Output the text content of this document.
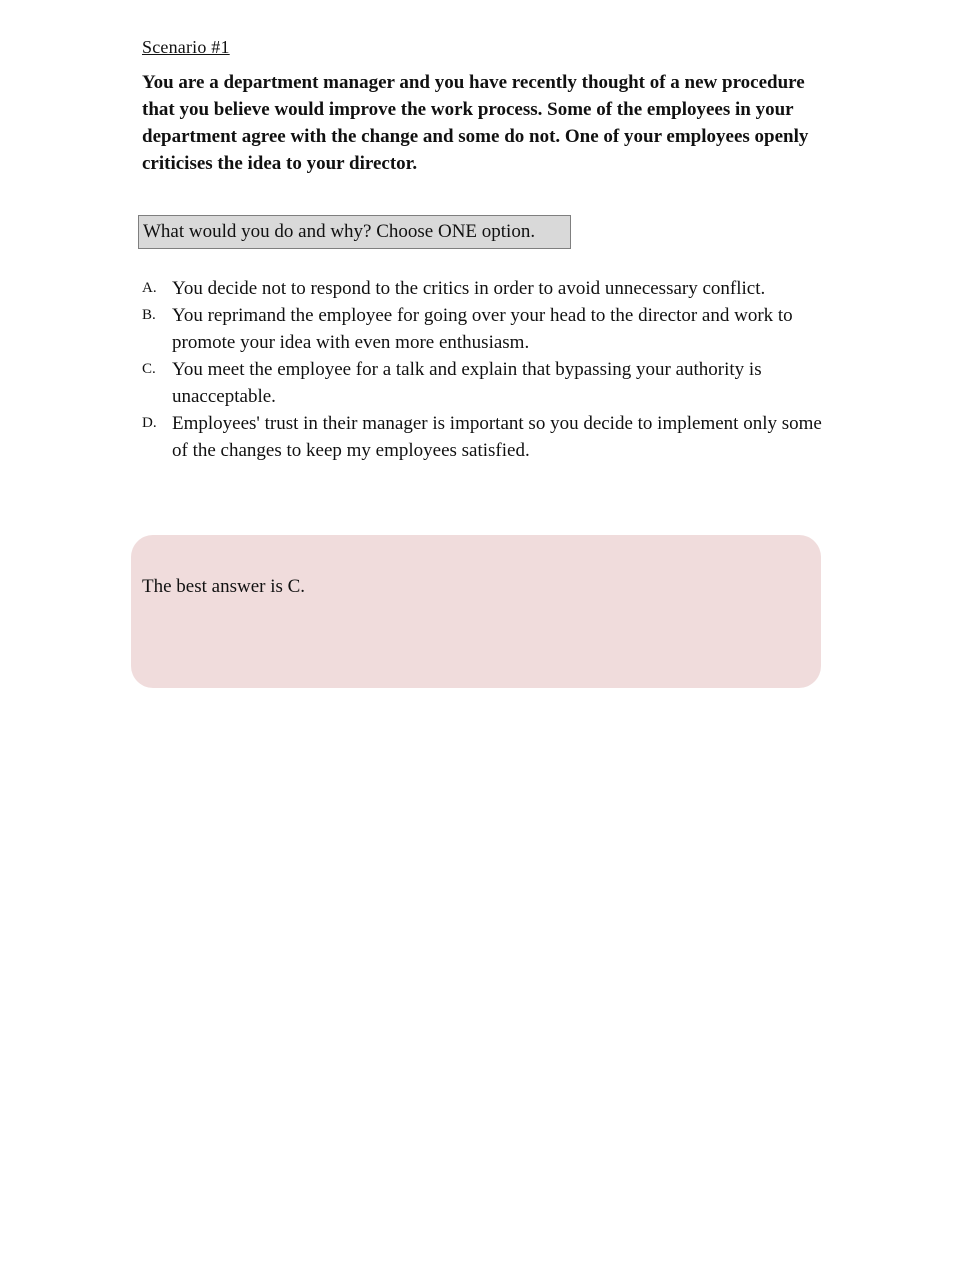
Scenario #1
You are a department manager and you have recently thought of a new procedure that you believe would improve the work process. Some of the employees in your department agree with the change and some do not. One of your employees openly criticises the idea to your director.
What would you do and why? Choose ONE option.
A. You decide not to respond to the critics in order to avoid unnecessary conflict.
B. You reprimand the employee for going over your head to the director and work to promote your idea with even more enthusiasm.
C. You meet the employee for a talk and explain that bypassing your authority is unacceptable.
D. Employees' trust in their manager is important so you decide to implement only some of the changes to keep my employees satisfied.
The best answer is C.
